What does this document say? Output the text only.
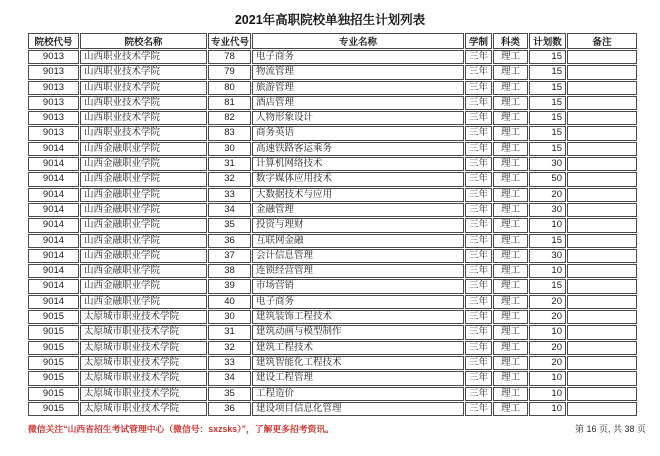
2021年高职院校单独招生计划列表
院校代号	院校名称	专业代号	专业名称	学制	科类	计划数	备注
9013	山西职业技术学院	78	电子商务	三年	理工	15	
9013	山西职业技术学院	79	物流管理	三年	理工	15	
9013	山西职业技术学院	80	旅游管理	三年	理工	15	
9013	山西职业技术学院	81	酒店管理	三年	理工	15	
9013	山西职业技术学院	82	人物形象设计	三年	理工	15	
9013	山西职业技术学院	83	商务英语	三年	理工	15	
9014	山西金融职业学院	30	高速铁路客运乘务	三年	理工	15	
9014	山西金融职业学院	31	计算机网络技术	三年	理工	30	
9014	山西金融职业学院	32	数字媒体应用技术	三年	理工	50	
9014	山西金融职业学院	33	大数据技术与应用	三年	理工	20	
9014	山西金融职业学院	34	金融管理	三年	理工	30	
9014	山西金融职业学院	35	投资与理财	三年	理工	10	
9014	山西金融职业学院	36	互联网金融	三年	理工	15	
9014	山西金融职业学院	37	会计信息管理	三年	理工	30	
9014	山西金融职业学院	38	连锁经营管理	三年	理工	10	
9014	山西金融职业学院	39	市场营销	三年	理工	15	
9014	山西金融职业学院	40	电子商务	三年	理工	20	
9015	太原城市职业技术学院	30	建筑装饰工程技术	三年	理工	20	
9015	太原城市职业技术学院	31	建筑动画与模型制作	三年	理工	10	
9015	太原城市职业技术学院	32	建筑工程技术	三年	理工	20	
9015	太原城市职业技术学院	33	建筑智能化工程技术	三年	理工	20	
9015	太原城市职业技术学院	34	建设工程管理	三年	理工	10	
9015	太原城市职业技术学院	35	工程造价	三年	理工	10	
9015	太原城市职业技术学院	36	建设项目信息化管理	三年	理工	10	
微信关注“山西省招生考试管理中心（微信号：sxzsks）”，了解更多招考资讯。	第 16 页, 共 38 页
